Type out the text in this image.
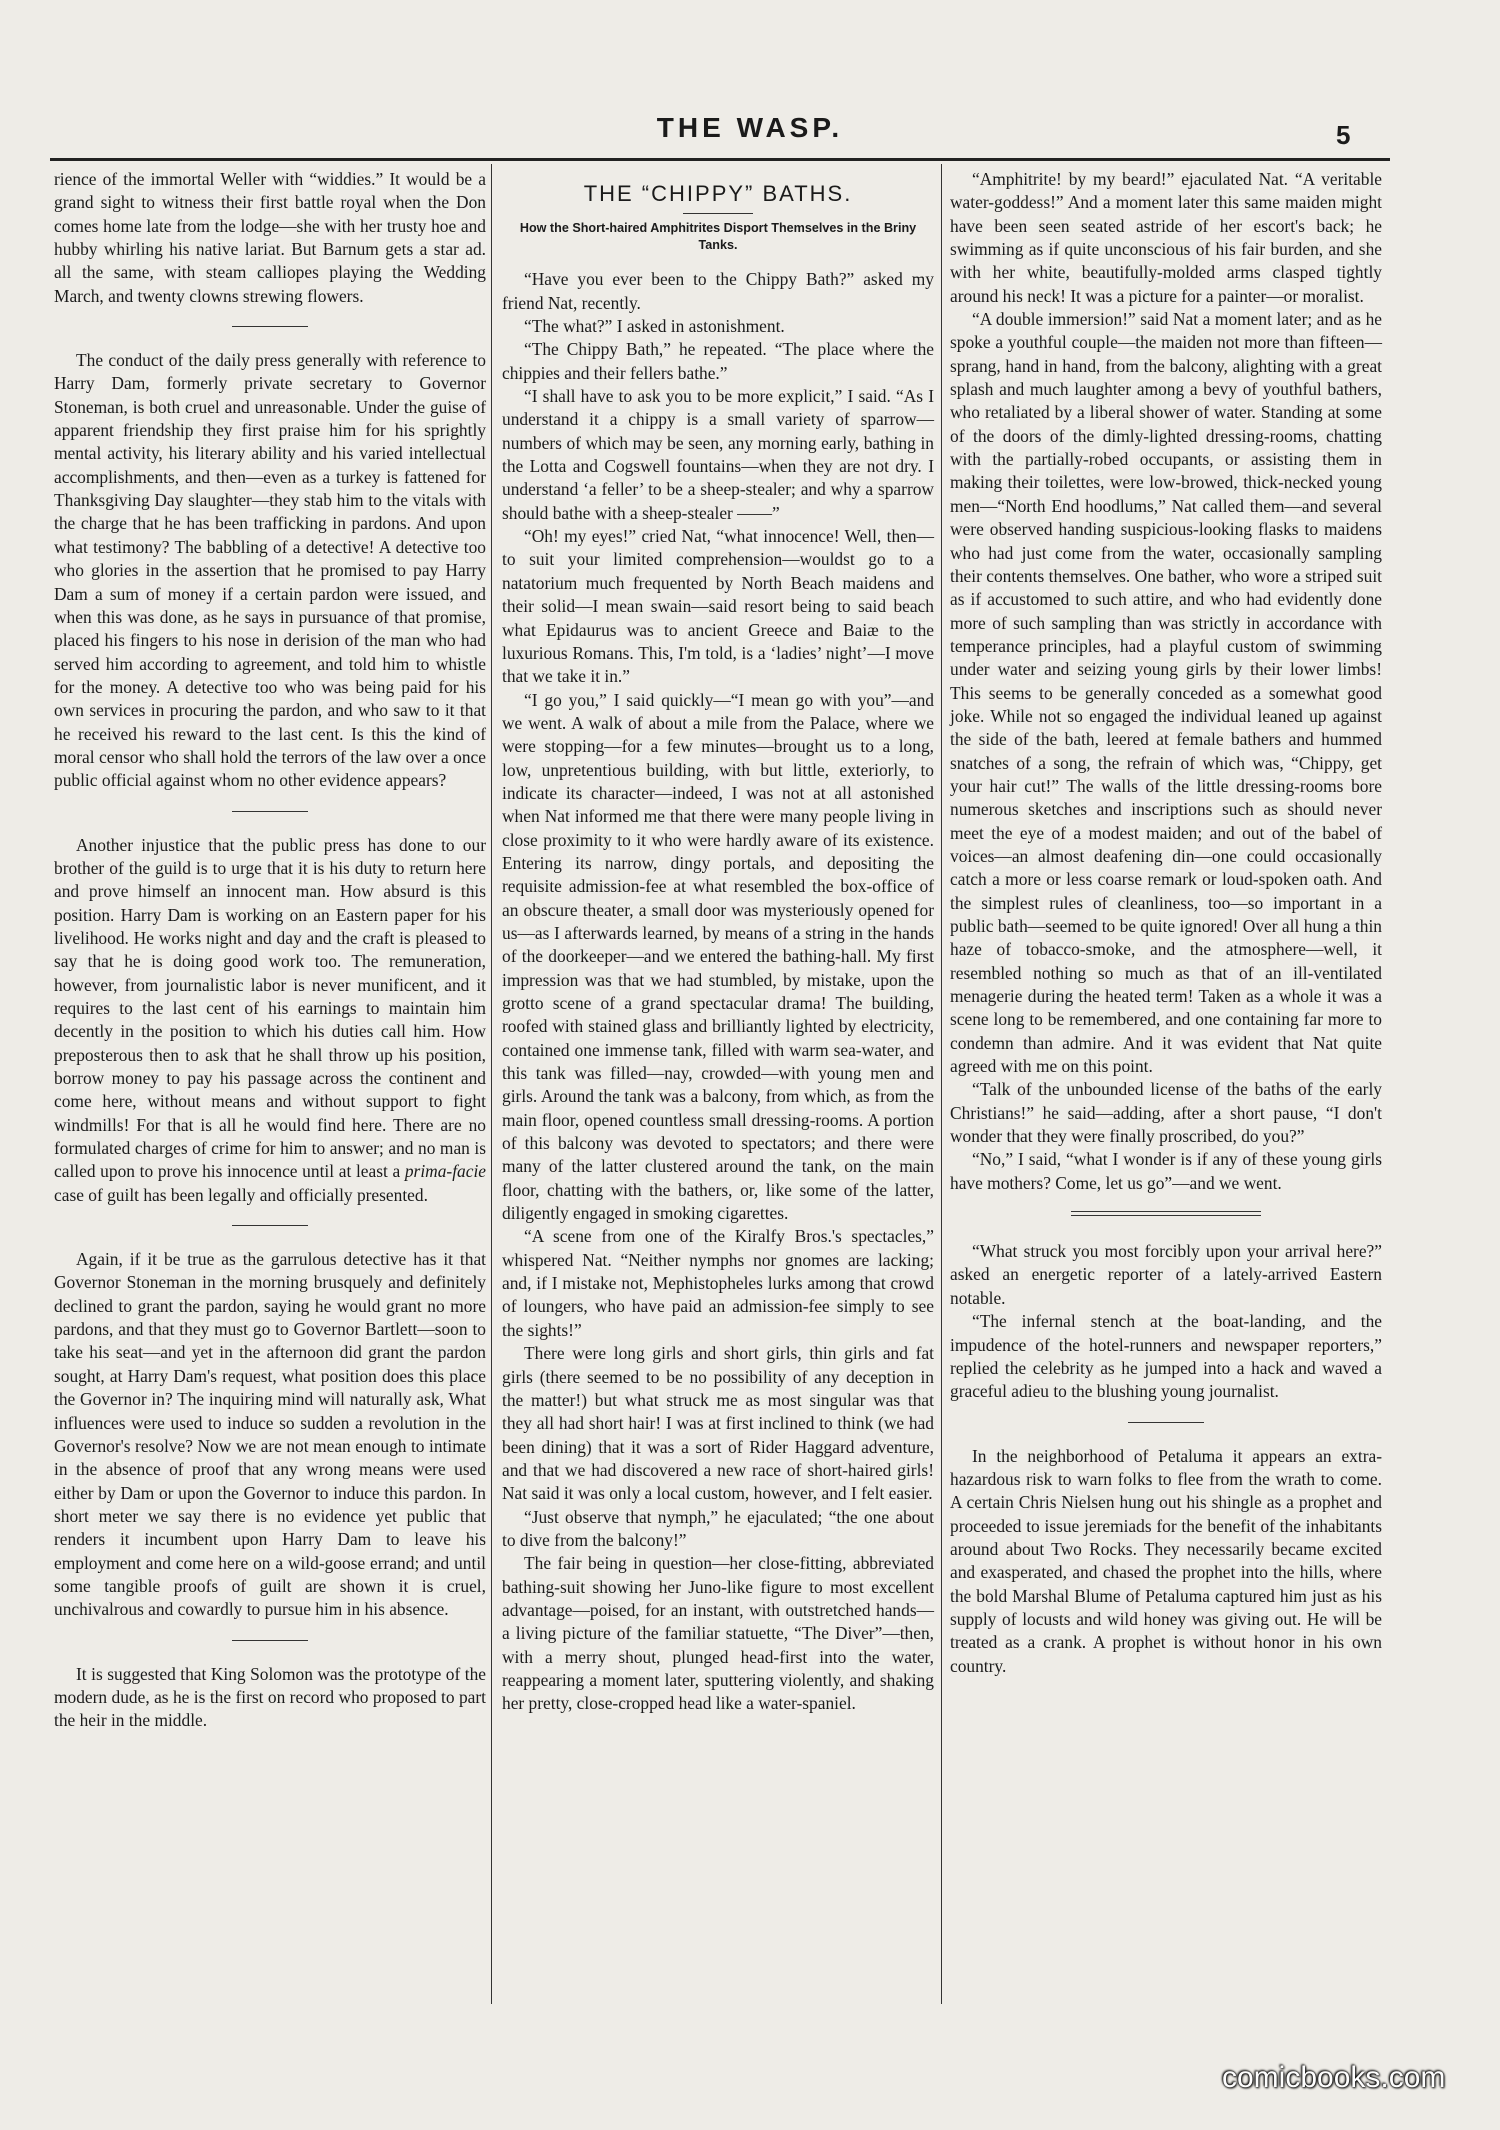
THE WASP.	5

rience of the immortal Weller with “widdies.” It would be a grand sight to witness their first battle royal when the Don comes home late from the lodge—she with her trusty hoe and hubby whirling his native lariat. But Barnum gets a star ad. all the same, with steam calliopes playing the Wedding March, and twenty clowns strewing flowers.

The conduct of the daily press generally with reference to Harry Dam, formerly private secretary to Governor Stoneman, is both cruel and unreasonable. Under the guise of apparent friendship they first praise him for his sprightly mental activity, his literary ability and his varied intellectual accomplishments, and then—even as a turkey is fattened for Thanksgiving Day slaughter—they stab him to the vitals with the charge that he has been trafficking in pardons. And upon what testimony? The babbling of a detective! A detective too who glories in the assertion that he promised to pay Harry Dam a sum of money if a certain pardon were issued, and when this was done, as he says in pursuance of that promise, placed his fingers to his nose in derision of the man who had served him according to agreement, and told him to whistle for the money. A detective too who was being paid for his own services in procuring the pardon, and who saw to it that he received his reward to the last cent. Is this the kind of moral censor who shall hold the terrors of the law over a once public official against whom no other evidence appears?

Another injustice that the public press has done to our brother of the guild is to urge that it is his duty to return here and prove himself an innocent man. How absurd is this position. Harry Dam is working on an Eastern paper for his livelihood. He works night and day and the craft is pleased to say that he is doing good work too. The remuneration, however, from journalistic labor is never munificent, and it requires to the last cent of his earnings to maintain him decently in the position to which his duties call him. How preposterous then to ask that he shall throw up his position, borrow money to pay his passage across the continent and come here, without means and without support to fight windmills! For that is all he would find here. There are no formulated charges of crime for him to answer; and no man is called upon to prove his innocence until at least a prima-facie case of guilt has been legally and officially presented.

Again, if it be true as the garrulous detective has it that Governor Stoneman in the morning brusquely and definitely declined to grant the pardon, saying he would grant no more pardons, and that they must go to Governor Bartlett—soon to take his seat—and yet in the afternoon did grant the pardon sought, at Harry Dam's request, what position does this place the Governor in? The inquiring mind will naturally ask, What influences were used to induce so sudden a revolution in the Governor's resolve? Now we are not mean enough to intimate in the absence of proof that any wrong means were used either by Dam or upon the Governor to induce this pardon. In short meter we say there is no evidence yet public that renders it incumbent upon Harry Dam to leave his employment and come here on a wild-goose errand; and until some tangible proofs of guilt are shown it is cruel, unchivalrous and cowardly to pursue him in his absence.

It is suggested that King Solomon was the prototype of the modern dude, as he is the first on record who proposed to part the heir in the middle.

THE “CHIPPY” BATHS.
How the Short-haired Amphitrites Disport Themselves in the Briny Tanks.

“Have you ever been to the Chippy Bath?” asked my friend Nat, recently.

“The what?” I asked in astonishment.

“The Chippy Bath,” he repeated. “The place where the chippies and their fellers bathe.”

“I shall have to ask you to be more explicit,” I said. “As I understand it a chippy is a small variety of sparrow—numbers of which may be seen, any morning early, bathing in the Lotta and Cogswell fountains—when they are not dry. I understand ‘a feller’ to be a sheep-stealer; and why a sparrow should bathe with a sheep-stealer ——”

“Oh! my eyes!” cried Nat, “what innocence! Well, then—to suit your limited comprehension—wouldst go to a natatorium much frequented by North Beach maidens and their solid—I mean swain—said resort being to said beach what Epidaurus was to ancient Greece and Baiæ to the luxurious Romans. This, I'm told, is a ‘ladies’ night’—I move that we take it in.”

“I go you,” I said quickly—“I mean go with you”—and we went. A walk of about a mile from the Palace, where we were stopping—for a few minutes—brought us to a long, low, unpretentious building, with but little, exteriorly, to indicate its character—indeed, I was not at all astonished when Nat informed me that there were many people living in close proximity to it who were hardly aware of its existence. Entering its narrow, dingy portals, and depositing the requisite admission-fee at what resembled the box-office of an obscure theater, a small door was mysteriously opened for us—as I afterwards learned, by means of a string in the hands of the doorkeeper—and we entered the bathing-hall. My first impression was that we had stumbled, by mistake, upon the grotto scene of a grand spectacular drama! The building, roofed with stained glass and brilliantly lighted by electricity, contained one immense tank, filled with warm sea-water, and this tank was filled—nay, crowded—with young men and girls. Around the tank was a balcony, from which, as from the main floor, opened countless small dressing-rooms. A portion of this balcony was devoted to spectators; and there were many of the latter clustered around the tank, on the main floor, chatting with the bathers, or, like some of the latter, diligently engaged in smoking cigarettes.

“A scene from one of the Kiralfy Bros.'s spectacles,” whispered Nat. “Neither nymphs nor gnomes are lacking; and, if I mistake not, Mephistopheles lurks among that crowd of loungers, who have paid an admission-fee simply to see the sights!”

There were long girls and short girls, thin girls and fat girls (there seemed to be no possibility of any deception in the matter!) but what struck me as most singular was that they all had short hair! I was at first inclined to think (we had been dining) that it was a sort of Rider Haggard adventure, and that we had discovered a new race of short-haired girls! Nat said it was only a local custom, however, and I felt easier.

“Just observe that nymph,” he ejaculated; “the one about to dive from the balcony!”

The fair being in question—her close-fitting, abbreviated bathing-suit showing her Juno-like figure to most excellent advantage—poised, for an instant, with outstretched hands—a living picture of the familiar statuette, “The Diver”—then, with a merry shout, plunged head-first into the water, reappearing a moment later, sputtering violently, and shaking her pretty, close-cropped head like a water-spaniel.

“Amphitrite! by my beard!” ejaculated Nat. “A veritable water-goddess!” And a moment later this same maiden might have been seen seated astride of her escort's back; he swimming as if quite unconscious of his fair burden, and she with her white, beautifully-molded arms clasped tightly around his neck! It was a picture for a painter—or moralist.

“A double immersion!” said Nat a moment later; and as he spoke a youthful couple—the maiden not more than fifteen—sprang, hand in hand, from the balcony, alighting with a great splash and much laughter among a bevy of youthful bathers, who retaliated by a liberal shower of water. Standing at some of the doors of the dimly-lighted dressing-rooms, chatting with the partially-robed occupants, or assisting them in making their toilettes, were low-browed, thick-necked young men—“North End hoodlums,” Nat called them—and several were observed handing suspicious-looking flasks to maidens who had just come from the water, occasionally sampling their contents themselves. One bather, who wore a striped suit as if accustomed to such attire, and who had evidently done more of such sampling than was strictly in accordance with temperance principles, had a playful custom of swimming under water and seizing young girls by their lower limbs! This seems to be generally conceded as a somewhat good joke. While not so engaged the individual leaned up against the side of the bath, leered at female bathers and hummed snatches of a song, the refrain of which was, “Chippy, get your hair cut!” The walls of the little dressing-rooms bore numerous sketches and inscriptions such as should never meet the eye of a modest maiden; and out of the babel of voices—an almost deafening din—one could occasionally catch a more or less coarse remark or loud-spoken oath. And the simplest rules of cleanliness, too—so important in a public bath—seemed to be quite ignored! Over all hung a thin haze of tobacco-smoke, and the atmosphere—well, it resembled nothing so much as that of an ill-ventilated menagerie during the heated term! Taken as a whole it was a scene long to be remembered, and one containing far more to condemn than admire. And it was evident that Nat quite agreed with me on this point.

“Talk of the unbounded license of the baths of the early Christians!” he said—adding, after a short pause, “I don't wonder that they were finally proscribed, do you?”

“No,” I said, “what I wonder is if any of these young girls have mothers? Come, let us go”—and we went.

“What struck you most forcibly upon your arrival here?” asked an energetic reporter of a lately-arrived Eastern notable.

“The infernal stench at the boat-landing, and the impudence of the hotel-runners and newspaper reporters,” replied the celebrity as he jumped into a hack and waved a graceful adieu to the blushing young journalist.

In the neighborhood of Petaluma it appears an extra-hazardous risk to warn folks to flee from the wrath to come. A certain Chris Nielsen hung out his shingle as a prophet and proceeded to issue jeremiads for the benefit of the inhabitants around about Two Rocks. They necessarily became excited and exasperated, and chased the prophet into the hills, where the bold Marshal Blume of Petaluma captured him just as his supply of locusts and wild honey was giving out. He will be treated as a crank. A prophet is without honor in his own country.

comicbooks.com
